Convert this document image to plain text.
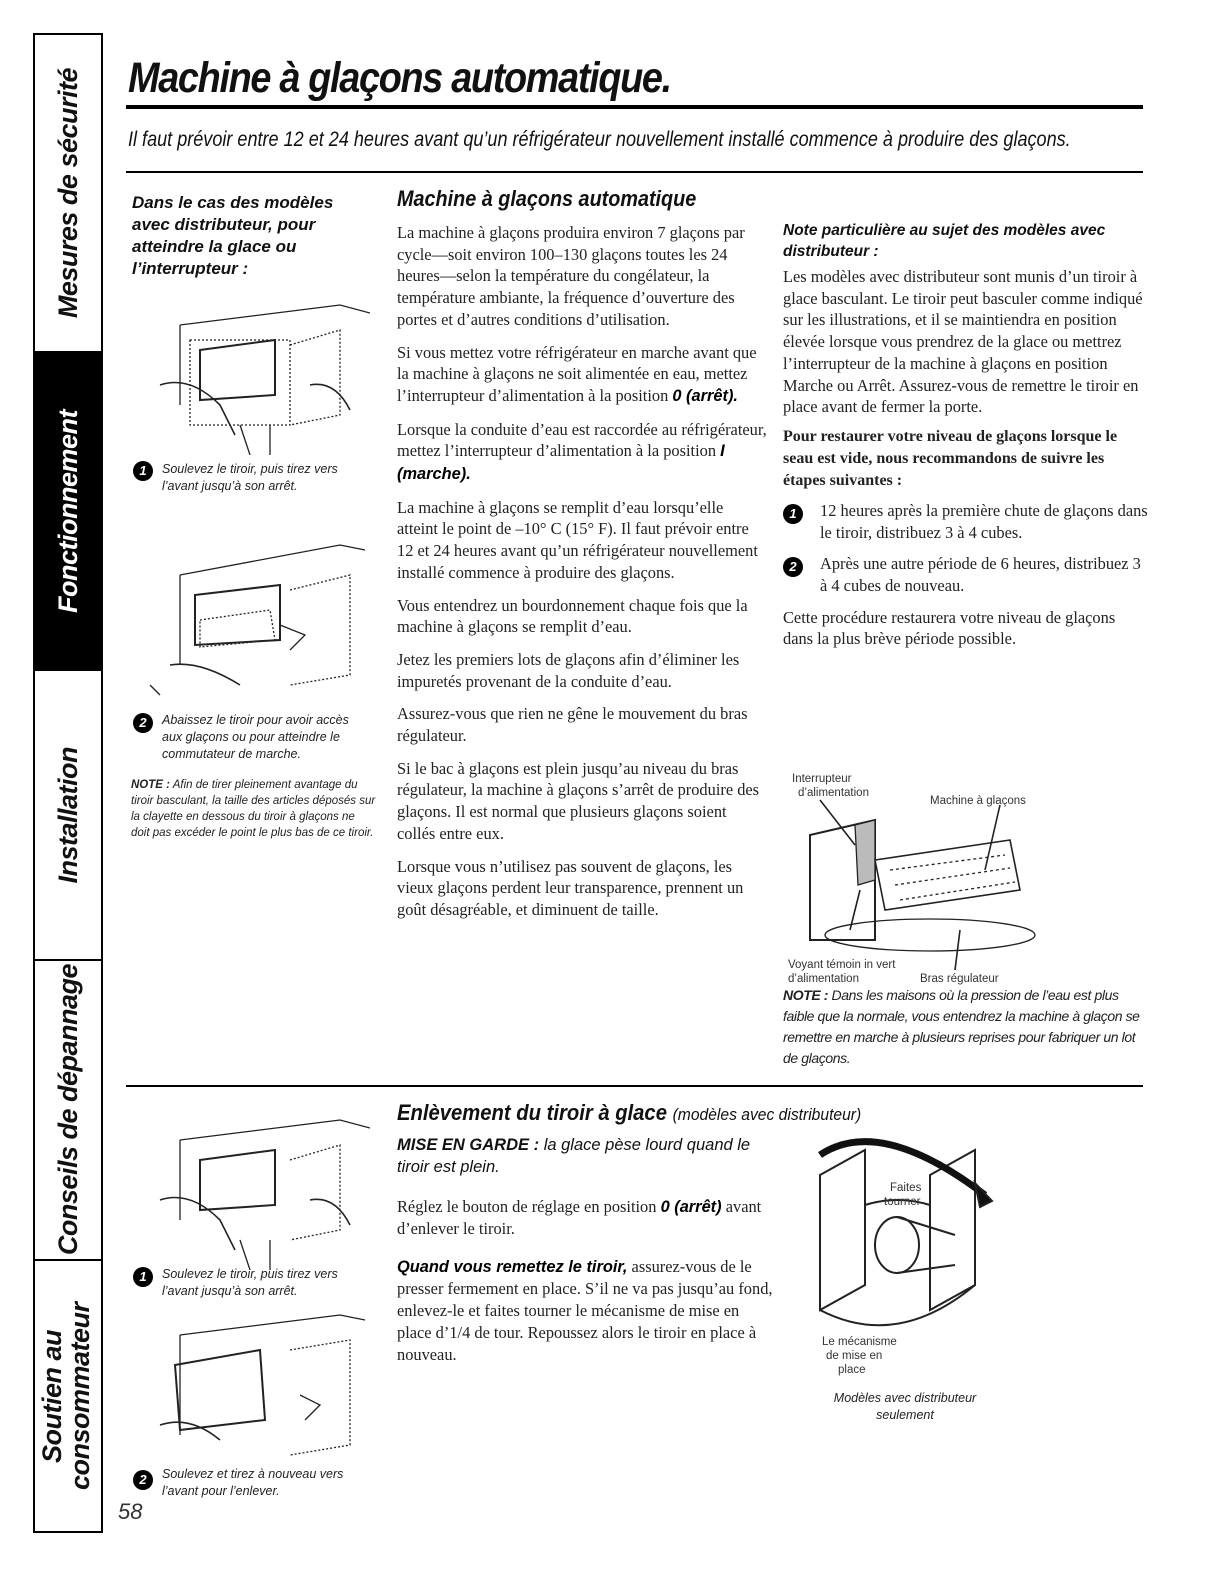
Mesures de sécurité
Fonctionnement
Installation
Conseils de dépannage
Soutien au consommateur
Machine à glaçons automatique.
Il faut prévoir entre 12 et 24 heures avant qu’un réfrigérateur nouvellement installé commence à produire des glaçons.
Dans le cas des modèles avec distributeur, pour atteindre la glace ou l’interrupteur :
1	Soulevez le tiroir, puis tirez vers l’avant jusqu’à son arrêt.
2	Abaissez le tiroir pour avoir accès aux glaçons ou pour atteindre le commutateur de marche.
NOTE : Afin de tirer pleinement avantage du tiroir basculant, la taille des articles déposés sur la clayette en dessous du tiroir à glaçons ne doit pas excéder le point le plus bas de ce tiroir.
Machine à glaçons automatique

La machine à glaçons produira environ 7 glaçons par cycle—soit environ 100–130 glaçons toutes les 24 heures—selon la température du congélateur, la température ambiante, la fréquence d’ouverture des portes et d’autres conditions d’utilisation.

Si vous mettez votre réfrigérateur en marche avant que la machine à glaçons ne soit alimentée en eau, mettez l’interrupteur d’alimentation à la position 0 (arrêt).

Lorsque la conduite d’eau est raccordée au réfrigérateur, mettez l’interrupteur d’alimentation à la position I (marche).

La machine à glaçons se remplit d’eau lorsqu’elle atteint le point de –10° C (15° F). Il faut prévoir entre 12 et 24 heures avant qu’un réfrigérateur nouvellement installé commence à produire des glaçons.

Vous entendrez un bourdonnement chaque fois que la machine à glaçons se remplit d’eau.

Jetez les premiers lots de glaçons afin d’éliminer les impuretés provenant de la conduite d’eau.

Assurez-vous que rien ne gêne le mouvement du bras régulateur.

Si le bac à glaçons est plein jusqu’au niveau du bras régulateur, la machine à glaçons s’arrêt de produire des glaçons. Il est normal que plusieurs glaçons soient collés entre eux.

Lorsque vous n’utilisez pas souvent de glaçons, les vieux glaçons perdent leur transparence, prennent un goût désagréable, et diminuent de taille.

Note particulière au sujet des modèles avec distributeur :

Les modèles avec distributeur sont munis d’un tiroir à glace basculant. Le tiroir peut basculer comme indiqué sur les illustrations, et il se maintiendra en position élevée lorsque vous prendrez de la glace ou mettrez l’interrupteur de la machine à glaçons en position Marche ou Arrêt. Assurez-vous de remettre le tiroir en place avant de fermer la porte.

Pour restaurer votre niveau de glaçons lorsque le seau est vide, nous recommandons de suivre les étapes suivantes :
1	12 heures après la première chute de glaçons dans le tiroir, distribuez 3 à 4 cubes.
2	Après une autre période de 6 heures, distribuez 3 à 4 cubes de nouveau.

Cette procédure restaurera votre niveau de glaçons dans la plus brève période possible.

Interrupteur
d’alimentation
Machine à glaçons
Voyant témoin in vert
d’alimentation	Bras régulateur
NOTE : Dans les maisons où la pression de l’eau est plus faible que la normale, vous entendrez la machine à glaçon se remettre en marche à plusieurs reprises pour fabriquer un lot de glaçons.
1	Soulevez le tiroir, puis tirez vers l’avant jusqu’à son arrêt.
2	Soulevez et tirez à nouveau vers l’avant pour l’enlever.
Enlèvement du tiroir à glace (modèles avec distributeur)
MISE EN GARDE : la glace pèse lourd quand le tiroir est plein.

Réglez le bouton de réglage en position 0 (arrêt) avant d’enlever le tiroir.

Quand vous remettez le tiroir, assurez-vous de le presser fermement en place. S’il ne va pas jusqu’au fond, enlevez-le et faites tourner le mécanisme de mise en place d’1/4 de tour. Repoussez alors le tiroir en place à nouveau.

Faites
tourner
Le mécanisme
de mise en
place
Modèles avec distributeur seulement
58
